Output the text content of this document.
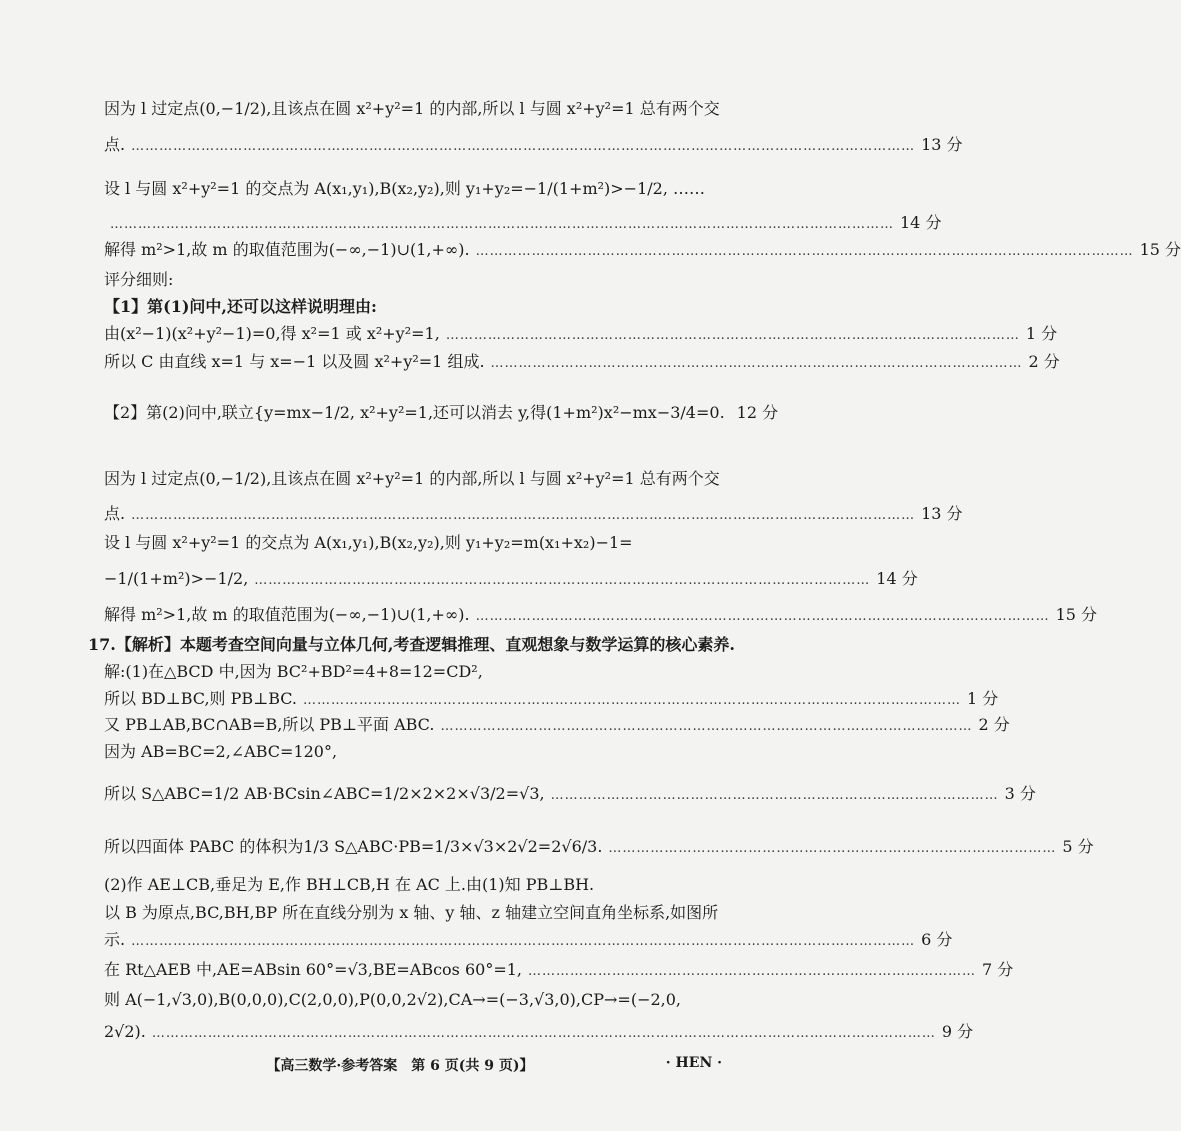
因为 l 过定点(0,−1/2),且该点在圆 x²+y²=1 的内部,所以 l 与圆 x²+y²=1 总有两个交
点. …………………………………………………………………………………………………………………………………………………… 13 分
设 l 与圆 x²+y²=1 的交点为 A(x₁,y₁),B(x₂,y₂),则 y₁+y₂=−1/(1+m²)>−1/2, ……
…………………………………………………………………………………………………………………………………………………… 14 分
解得 m²>1,故 m 的取值范围为(−∞,−1)∪(1,+∞). …………………………………………………………………………………………………………………………… 15 分
评分细则:
【1】第(1)问中,还可以这样说明理由:
由(x²−1)(x²+y²−1)=0,得 x²=1 或 x²+y²=1, …………………………………………………………………………………………………………… 1 分
所以 C 由直线 x=1 与 x=−1 以及圆 x²+y²=1 组成. …………………………………………………………………………………………………… 2 分
【2】第(2)问中,联立{y=mx−1/2, x²+y²=1,还可以消去 y,得(1+m²)x²−mx−3/4=0. 12 分
因为 l 过定点(0,−1/2),且该点在圆 x²+y²=1 的内部,所以 l 与圆 x²+y²=1 总有两个交
点. …………………………………………………………………………………………………………………………………………………… 13 分
设 l 与圆 x²+y²=1 的交点为 A(x₁,y₁),B(x₂,y₂),则 y₁+y₂=m(x₁+x₂)−1=
−1/(1+m²)>−1/2, …………………………………………………………………………………………………………………… 14 分
解得 m²>1,故 m 的取值范围为(−∞,−1)∪(1,+∞). …………………………………………………………………………………………………………… 15 分
17.【解析】本题考查空间向量与立体几何,考查逻辑推理、直观想象与数学运算的核心素养.
解:(1)在△BCD 中,因为 BC²+BD²=4+8=12=CD²,
所以 BD⊥BC,则 PB⊥BC. …………………………………………………………………………………………………………………………… 1 分
又 PB⊥AB,BC∩AB=B,所以 PB⊥平面 ABC. …………………………………………………………………………………………………… 2 分
因为 AB=BC=2,∠ABC=120°,
所以 S△ABC=1/2 AB·BCsin∠ABC=1/2×2×2×√3/2=√3, …………………………………………………………………………………… 3 分
所以四面体 PABC 的体积为1/3 S△ABC·PB=1/3×√3×2√2=2√6/3. …………………………………………………………………………………… 5 分
(2)作 AE⊥CB,垂足为 E,作 BH⊥CB,H 在 AC 上.由(1)知 PB⊥BH.
以 B 为原点,BC,BH,BP 所在直线分别为 x 轴、y 轴、z 轴建立空间直角坐标系,如图所
示. …………………………………………………………………………………………………………………………………………………… 6 分
在 Rt△AEB 中,AE=ABsin 60°=√3,BE=ABcos 60°=1, …………………………………………………………………………………… 7 分
则 A(−1,√3,0),B(0,0,0),C(2,0,0),P(0,0,2√2),CA→=(−3,√3,0),CP→=(−2,0,
2√2). …………………………………………………………………………………………………………………………………………………… 9 分
【高三数学·参考答案　第 6 页(共 9 页)】	· HEN ·
